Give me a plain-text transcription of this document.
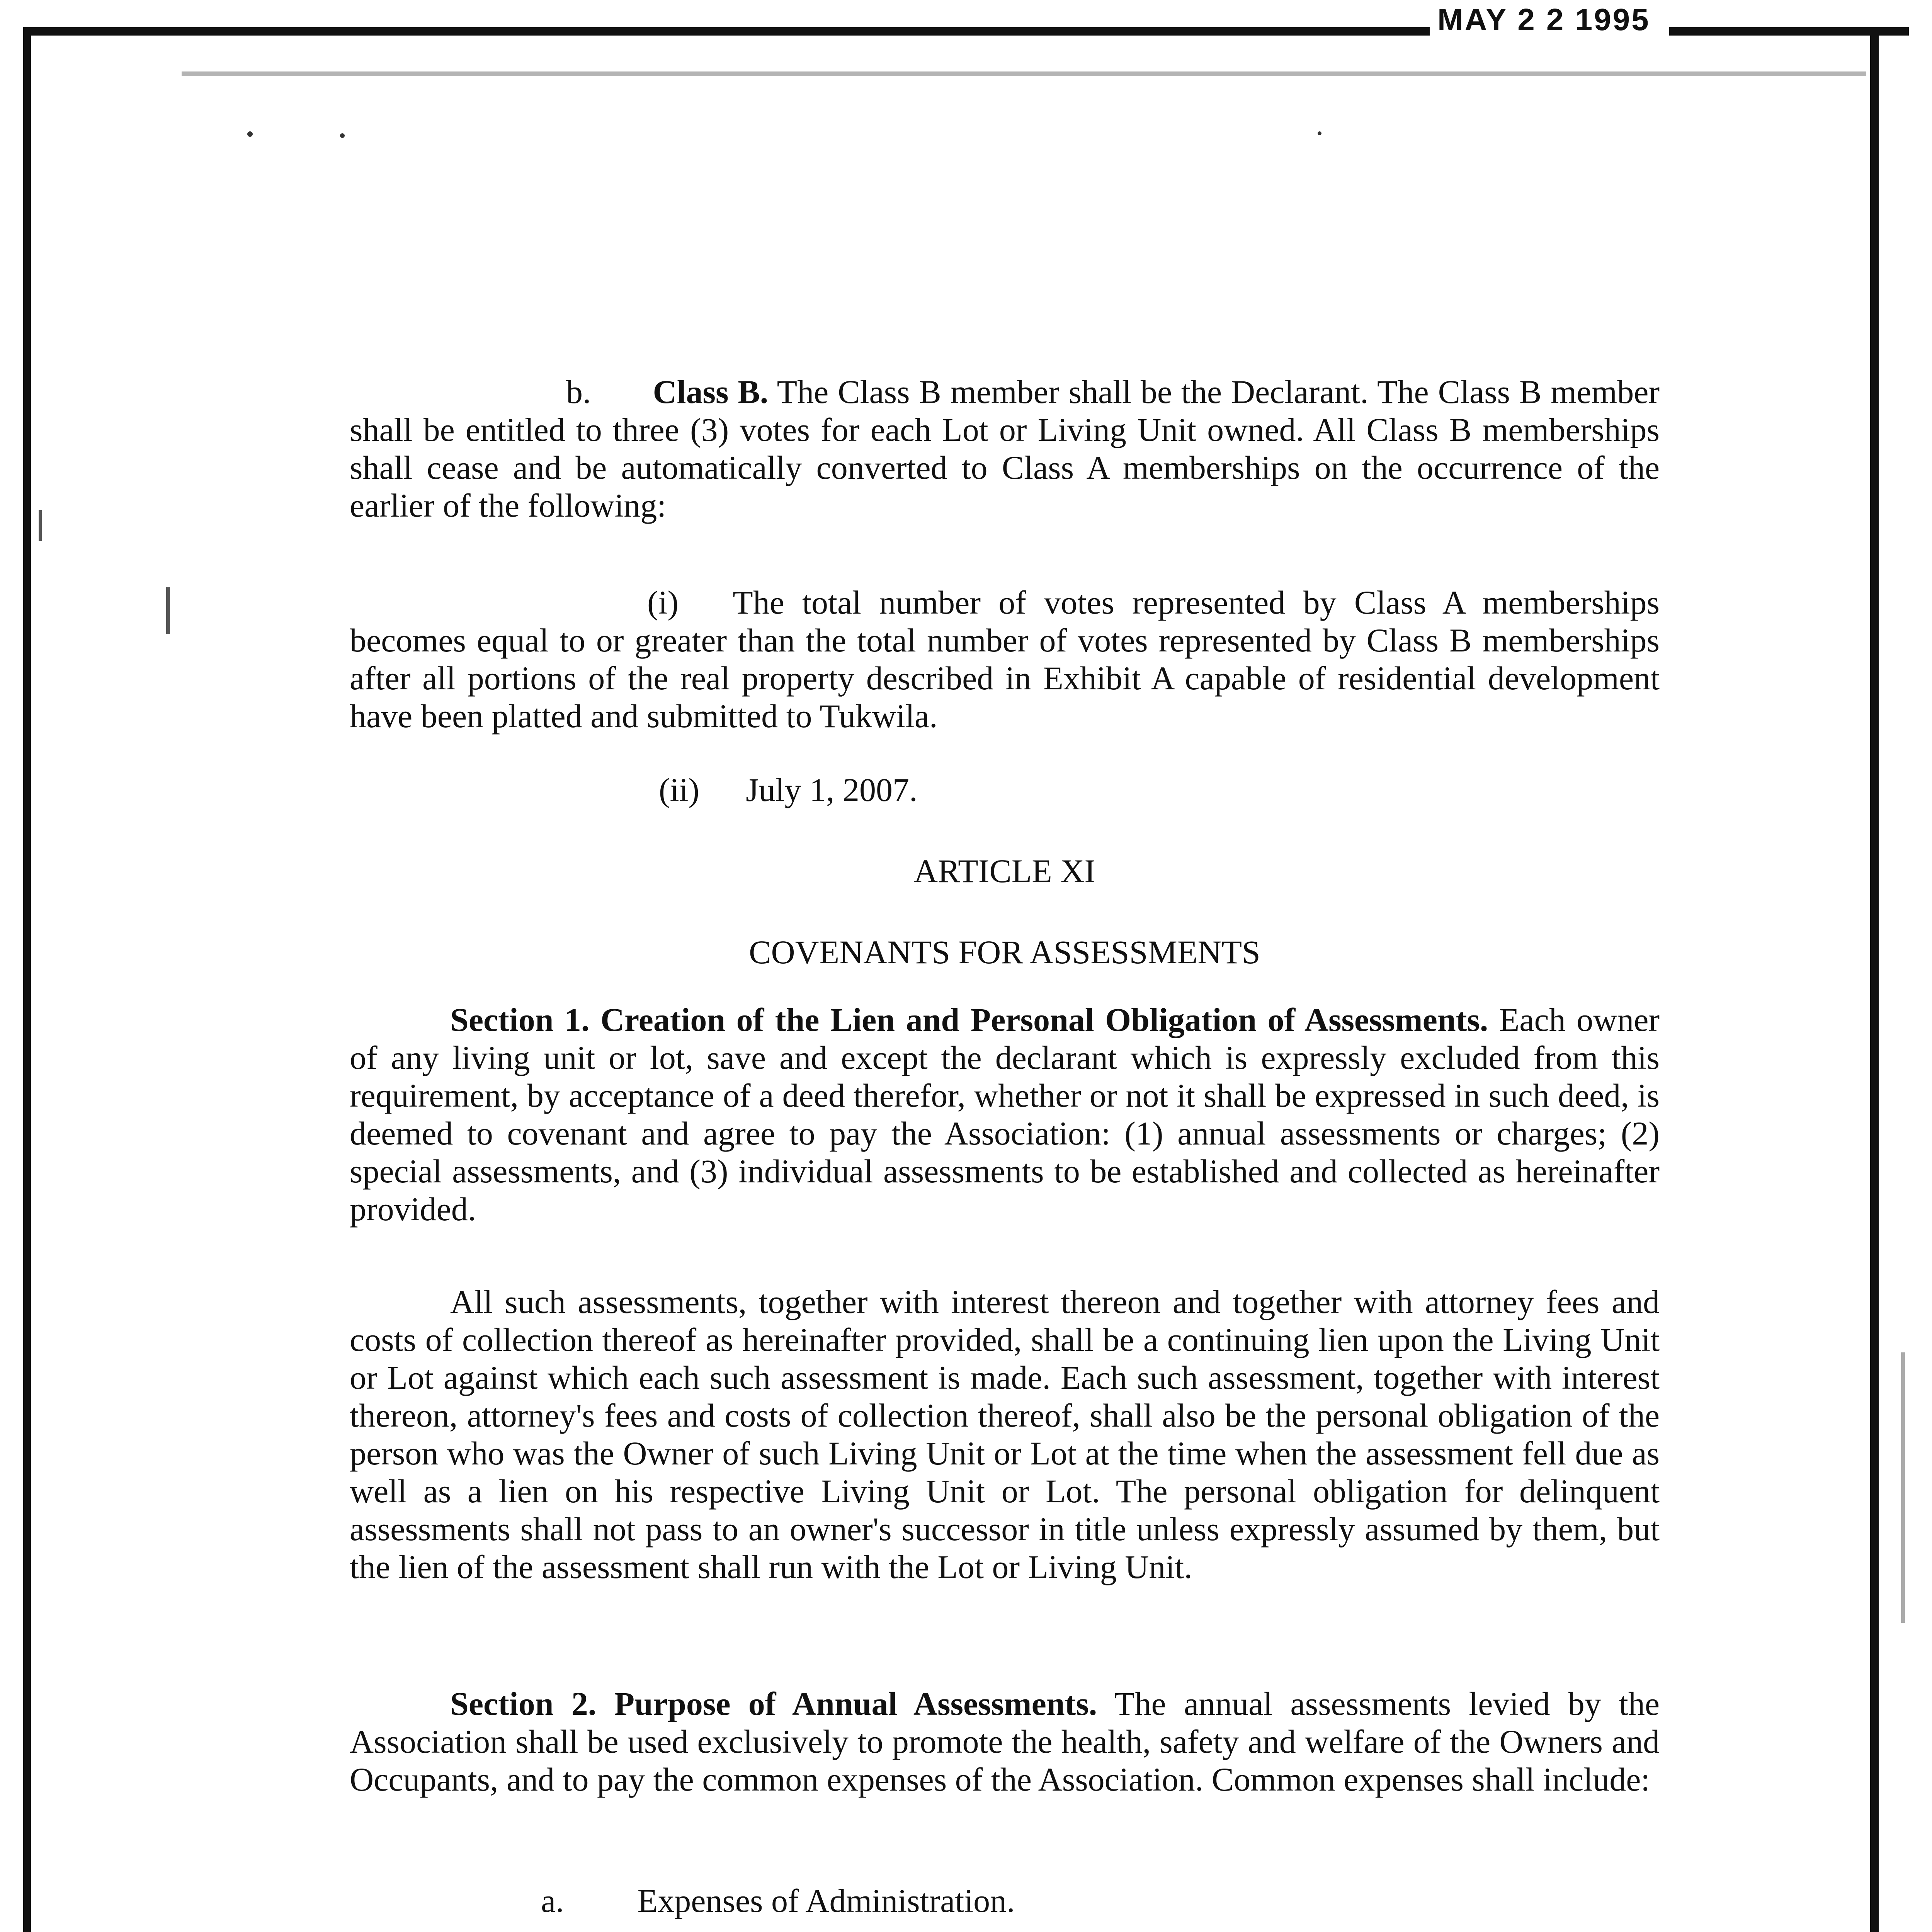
MAY 2 2 1995

b. Class B. The Class B member shall be the Declarant. The Class B member shall be entitled to three (3) votes for each Lot or Living Unit owned. All Class B memberships shall cease and be automatically converted to Class A memberships on the occurrence of the earlier of the following:

(i) The total number of votes represented by Class A memberships becomes equal to or greater than the total number of votes represented by Class B memberships after all portions of the real property described in Exhibit A capable of residential development have been platted and submitted to Tukwila.

(ii) July 1, 2007.

ARTICLE XI

COVENANTS FOR ASSESSMENTS

Section 1. Creation of the Lien and Personal Obligation of Assessments. Each owner of any living unit or lot, save and except the declarant which is expressly excluded from this requirement, by acceptance of a deed therefor, whether or not it shall be expressed in such deed, is deemed to covenant and agree to pay the Association: (1) annual assessments or charges; (2) special assessments, and (3) individual assessments to be established and collected as hereinafter provided.

All such assessments, together with interest thereon and together with attorney fees and costs of collection thereof as hereinafter provided, shall be a continuing lien upon the Living Unit or Lot against which each such assessment is made. Each such assessment, together with interest thereon, attorney's fees and costs of collection thereof, shall also be the personal obligation of the person who was the Owner of such Living Unit or Lot at the time when the assessment fell due as well as a lien on his respective Living Unit or Lot. The personal obligation for delinquent assessments shall not pass to an owner's successor in title unless expressly assumed by them, but the lien of the assessment shall run with the Lot or Living Unit.

Section 2. Purpose of Annual Assessments. The annual assessments levied by the Association shall be used exclusively to promote the health, safety and welfare of the Owners and Occupants, and to pay the common expenses of the Association. Common expenses shall include:

a. Expenses of Administration.
